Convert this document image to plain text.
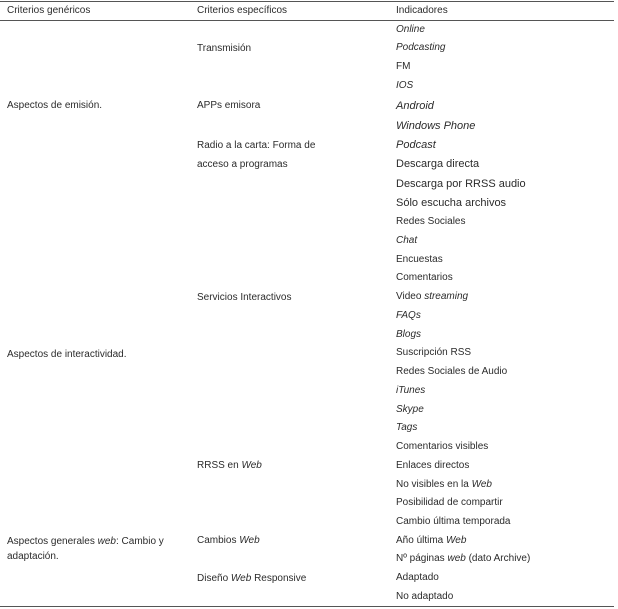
Criterios genéricos	Criterios específicos	Indicadores
Aspectos de emisión.
Aspectos de interactividad.
Aspectos generales web: Cambio y
adaptación.
Transmisión
APPs emisora
Radio a la carta: Forma de
acceso a programas
Servicios Interactivos
RRSS en Web
Cambios Web
Diseño Web Responsive
Online
Podcasting
FM
IOS
Android
Windows Phone
Podcast
Descarga directa
Descarga por RRSS audio
Sólo escucha archivos
Redes Sociales
Chat
Encuestas
Comentarios
Video streaming
FAQs
Blogs
Suscripción RSS
Redes Sociales de Audio
iTunes
Skype
Tags
Comentarios visibles
Enlaces directos
No visibles en la Web
Posibilidad de compartir
Cambio última temporada
Año última Web
Nº páginas web (dato Archive)
Adaptado
No adaptado
